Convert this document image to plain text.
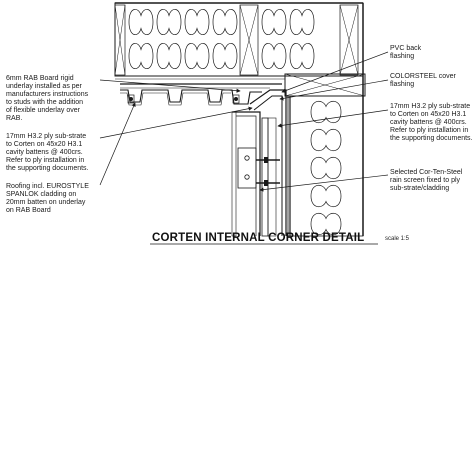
PVC back flashing
COLORSTEEL cover flashing
17mm H3.2 ply sub-strate to Corten on 45x20 H3.1 cavity battens @ 400crs. Refer to ply installation in the supporting documents.
Selected Cor-Ten-Steel rain screen fixed to ply sub-strate/cladding
6mm RAB Board rigid underlay installed as per manufacturers instructions to studs with the addition of flexible underlay over RAB.
17mm H3.2 ply sub-strate to Corten on 45x20 H3.1 cavity battens @ 400crs. Refer to ply installation in the supporting documents.
Roofing incl. EUROSTYLE SPANLOK cladding on 20mm batten on underlay on RAB Board
CORTEN INTERNAL CORNER DETAIL	scale 1:5
